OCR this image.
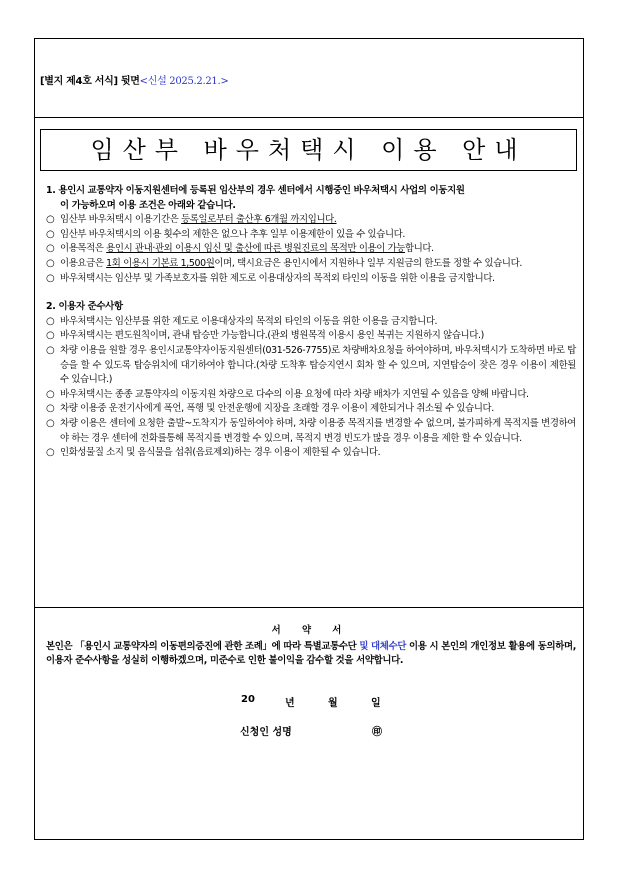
[별지 제4호 서식] 뒷면<신설 2025.2.21.>
임산부 바우처택시 이용 안내

1. 용인시 교통약자 이동지원센터에 등록된 임산부의 경우 센터에서 시행중인 바우처택시 사업의 이동지원
이 가능하오며 이용 조건은 아래와 같습니다.

○ 임산부 바우처택시 이용기간은 등록일로부터 출산후 6개월 까지입니다.

○ 임산부 바우처택시의 이용 횟수의 제한은 없으나 추후 일부 이용제한이 있을 수 있습니다.

○ 이용목적은 용인시 관내·관외 이용시 임신 및 출산에 따른 병원진료의 목적만 이용이 가능합니다.

○ 이용요금은 1회 이용시 기본료 1,500원이며, 택시요금은 용인시에서 지원하나 일부 지원금의 한도를 정할 수 있습니다.

○ 바우처택시는 임산부 및 가족보호자를 위한 제도로 이용대상자의 목적외 타인의 이동을 위한 이용을 금지합니다.

2. 이용자 준수사항

○ 바우처택시는 임산부를 위한 제도로 이용대상자의 목적외 타인의 이동을 위한 이용을 금지합니다.

○ 바우처택시는 편도원칙이며, 관내 탑승만 가능합니다.(관외 병원목적 이용시 용인 복귀는 지원하지 않습니다.)

○ 차량 이용을 원할 경우 용인시교통약자이동지원센터(031-526-7755)로 차량배차요청을 하여야하며, 바우처택시가 도착하면 바로 탑승을 할 수 있도록 탑승위치에 대기하여야 합니다.(차량 도착후 탑승지연시 회차 할 수 있으며, 지연탑승이 잦은 경우 이용이 제한될 수 있습니다.)

○ 바우처택시는 종종 교통약자의 이동지원 차량으로 다수의 이용 요청에 따라 차량 배차가 지연될 수 있음을 양해 바랍니다.

○ 차량 이용중 운전기사에게 폭언, 폭행 및 안전운행에 지장을 초래할 경우 이용이 제한되거나 취소될 수 있습니다.

○ 차량 이용은 센터에 요청한 출발~도착지가 동일하여야 하며, 차량 이용중 목적지를 변경할 수 없으며, 불가피하게 목적지를 변경하여야 하는 경우 센터에 전화를통해 목적지를 변경할 수 있으며, 목적지 변경 빈도가 많을 경우 이용을 제한 할 수 있습니다.

○ 인화성물질 소지 및 음식물을 섭취(음료제외)하는 경우 이용이 제한될 수 있습니다.

서 약 서
본인은 「용인시 교통약자의 이동편의증진에 관한 조례」에 따라 특별교통수단 및 대체수단 이용 시 본인의 개인정보 활용에 동의하며, 이용자 준수사항을 성실히 이행하겠으며, 미준수로 인한 불이익을 감수할 것을 서약합니다.
20	년	월	일
신청인 성명	㊞
